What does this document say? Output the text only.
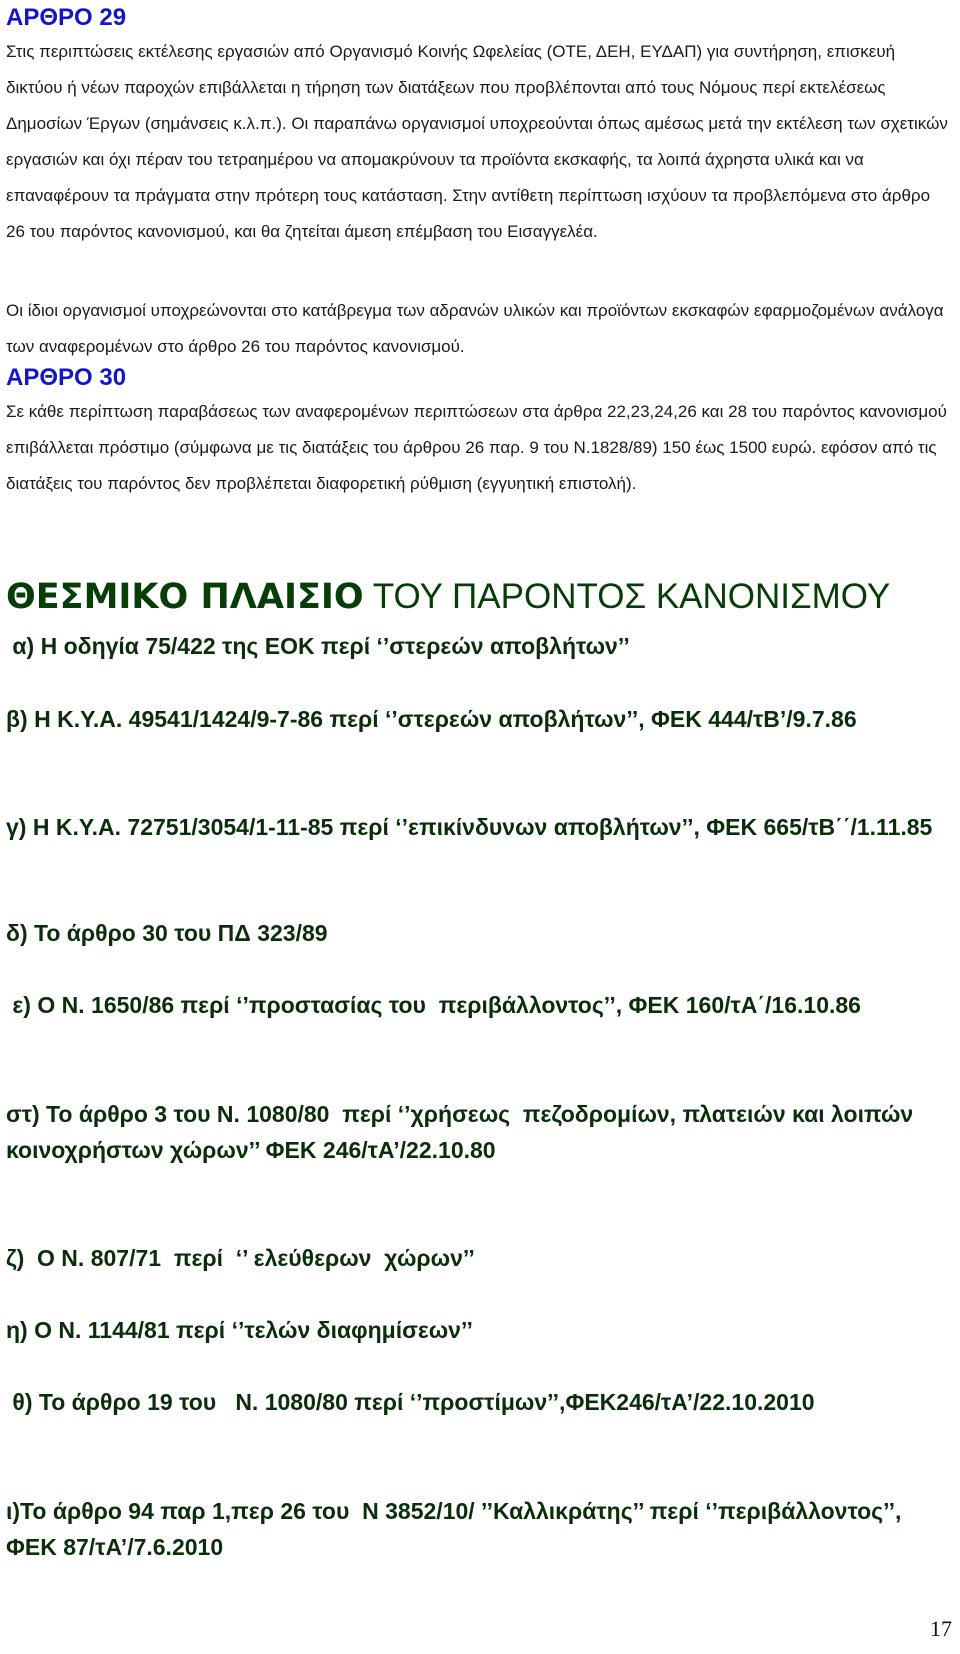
ΑΡΘΡΟ 29

Στις περιπτώσεις εκτέλεσης εργασιών από Οργανισμό Κοινής Ωφελείας (ΟΤΕ, ΔΕΗ, ΕΥΔΑΠ) για συντήρηση, επισκευή δικτύου ή νέων παροχών επιβάλλεται η τήρηση των διατάξεων που προβλέπονται από τους Νόμους περί εκτελέσεως Δημοσίων Έργων (σημάνσεις κ.λ.π.). Οι παραπάνω οργανισμοί υποχρεούνται όπως αμέσως μετά την εκτέλεση των σχετικών εργασιών και όχι πέραν του τετραημέρου να απομακρύνουν τα προϊόντα εκσκαφής, τα λοιπά άχρηστα υλικά και να επαναφέρουν τα πράγματα στην πρότερη τους κατάσταση. Στην αντίθετη περίπτωση ισχύουν τα προβλεπόμενα στο άρθρο 26 του παρόντος κανονισμού, και θα ζητείται άμεση επέμβαση του Εισαγγελέα.

Οι ίδιοι οργανισμοί υποχρεώνονται στο κατάβρεγμα των αδρανών υλικών και προϊόντων εκσκαφών εφαρμοζομένων ανάλογα των αναφερομένων στο άρθρο 26 του παρόντος κανονισμού.

ΑΡΘΡΟ 30

Σε κάθε περίπτωση παραβάσεως των αναφερομένων περιπτώσεων στα άρθρα 22,23,24,26 και 28 του παρόντος κανονισμού επιβάλλεται πρόστιμο (σύμφωνα με τις διατάξεις του άρθρου 26 παρ. 9 του Ν.1828/89) 150 έως 1500 ευρώ. εφόσον από τις διατάξεις του παρόντος δεν προβλέπεται διαφορετική ρύθμιση (εγγυητική επιστολή).

ΘΕΣΜΙΚΟ ΠΛΑΙΣΙΟ ΤΟΥ ΠΑΡΟΝΤΟΣ ΚΑΝΟΝΙΣΜΟΥ

α) Η οδηγία 75/422 της ΕΟΚ περί ‘’στερεών αποβλήτων’’

β) Η Κ.Υ.Α. 49541/1424/9-7-86 περί ‘’στερεών αποβλήτων’’, ΦΕΚ 444/τΒ’/9.7.86

γ) Η Κ.Υ.Α. 72751/3054/1-11-85 περί ‘’επικίνδυνων αποβλήτων’’, ΦΕΚ 665/τΒ΄΄/1.11.85

δ) Το άρθρο 30 του ΠΔ 323/89

ε) Ο Ν. 1650/86 περί ‘’προστασίας του  περιβάλλοντος’’, ΦΕΚ 160/τΑ΄/16.10.86

στ) Το άρθρο 3 του Ν. 1080/80  περί ‘’χρήσεως  πεζοδρομίων, πλατειών και λοιπών κοινοχρήστων χώρων’’ ΦΕΚ 246/τΑ’/22.10.80

ζ)  Ο Ν. 807/71  περί  ‘’ ελεύθερων  χώρων’’

η) Ο Ν. 1144/81 περί ‘’τελών διαφημίσεων’’

θ) Το άρθρο 19 του   Ν. 1080/80 περί ‘’προστίμων’’,ΦΕΚ246/τΑ’/22.10.2010

ι)Το άρθρο 94 παρ 1,περ 26 του  Ν 3852/10/ ’’Καλλικράτης’’ περί ‘’περιβάλλοντος’’, ΦΕΚ 87/τΑ’/7.6.2010

17
